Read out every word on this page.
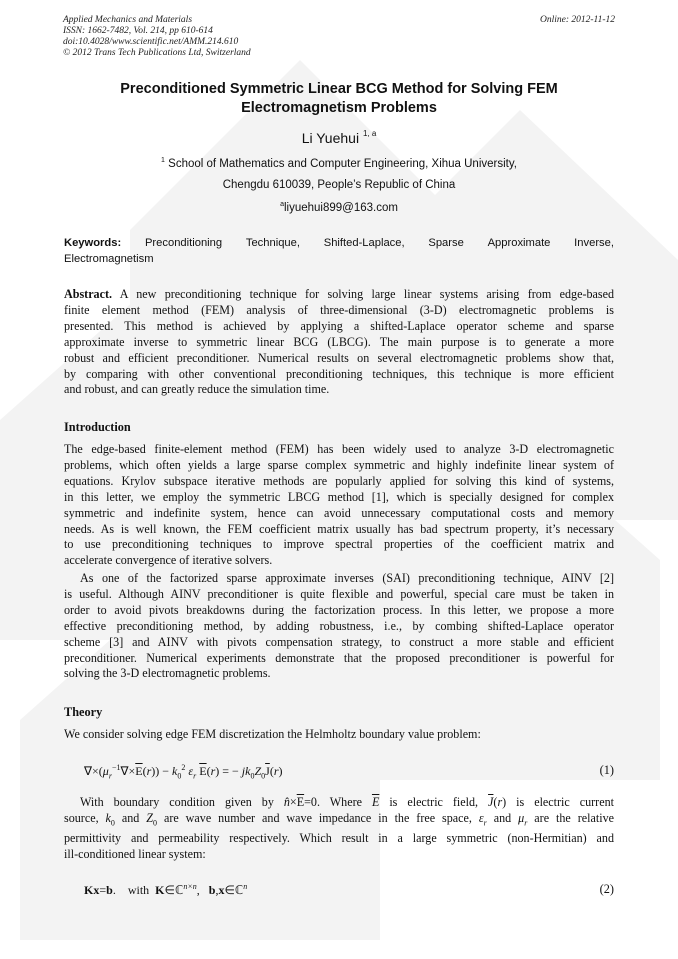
Applied Mechanics and Materials
ISSN: 1662-7482, Vol. 214, pp 610-614
doi:10.4028/www.scientific.net/AMM.214.610
© 2012 Trans Tech Publications Ltd, Switzerland
Online: 2012-11-12
Preconditioned Symmetric Linear BCG Method for Solving FEM
Electromagnetism Problems
Li Yuehui $^{1, a}$
$^1$ School of Mathematics and Computer Engineering, Xihua University,
Chengdu 610039, People’s Republic of China
$^a$liyuehui899@163.com
Keywords: Preconditioning Technique, Shifted-Laplace, Sparse Approximate Inverse,
Electromagnetism
Abstract. A new preconditioning technique for solving large linear systems arising from edge-based
finite element method (FEM) analysis of three-dimensional (3-D) electromagnetic problems is
presented. This method is achieved by applying a shifted-Laplace operator scheme and sparse
approximate inverse to symmetric linear BCG (LBCG). The main purpose is to generate a more
robust and efficient preconditioner. Numerical results on several electromagnetic problems show that,
by comparing with other conventional preconditioning techniques, this technique is more efficient
and robust, and can greatly reduce the simulation time.
Introduction
The edge-based finite-element method (FEM) has been widely used to analyze 3-D electromagnetic
problems, which often yields a large sparse complex symmetric and highly indefinite linear system of
equations. Krylov subspace iterative methods are popularly applied for solving this kind of systems,
in this letter, we employ the symmetric LBCG method [1], which is specially designed for complex
symmetric and indefinite system, hence can avoid unnecessary computational costs and memory
needs. As is well known, the FEM coefficient matrix usually has bad spectrum property, it’s necessary
to use preconditioning techniques to improve spectral properties of the coefficient matrix and
accelerate convergence of iterative solvers.
As one of the factorized sparse approximate inverses (SAI) preconditioning technique, AINV [2]
is useful. Although AINV preconditioner is quite flexible and powerful, special care must be taken in
order to avoid pivots breakdowns during the factorization process. In this letter, we propose a more
effective preconditioning method, by adding robustness, i.e., by combing shifted-Laplace operator
scheme [3] and AINV with pivots compensation strategy, to construct a more stable and efficient
preconditioner. Numerical experiments demonstrate that the proposed preconditioner is powerful for
solving the 3-D electromagnetic problems.
Theory
We consider solving edge FEM discretization the Helmholtz boundary value problem:
$\nabla\times(\mu_r^{-1}\nabla\times\overline{E}(r)) - k_0^2$ $\varepsilon_r$ $\overline{E}(r)$ = − $jk_0Z_0\overline{J}(r)$	(1)
With boundary condition given by $n̂\times\overline{E}=0$. Where $\overline{E}$ is electric field, $\overline{J}(r)$ is electric current
source, $k_0$ and $Z_0$ are wave number and wave impedance in the free space, $\varepsilon_r$ and $\mu_r$ are the relative
permittivity and permeability respectively. Which result in a large symmetric (non-Hermitian) and
ill-conditioned linear system:
Kx=b.    with K∈ℂ$^{n\times n}$,   b,x∈ℂ$^n$	(2)
